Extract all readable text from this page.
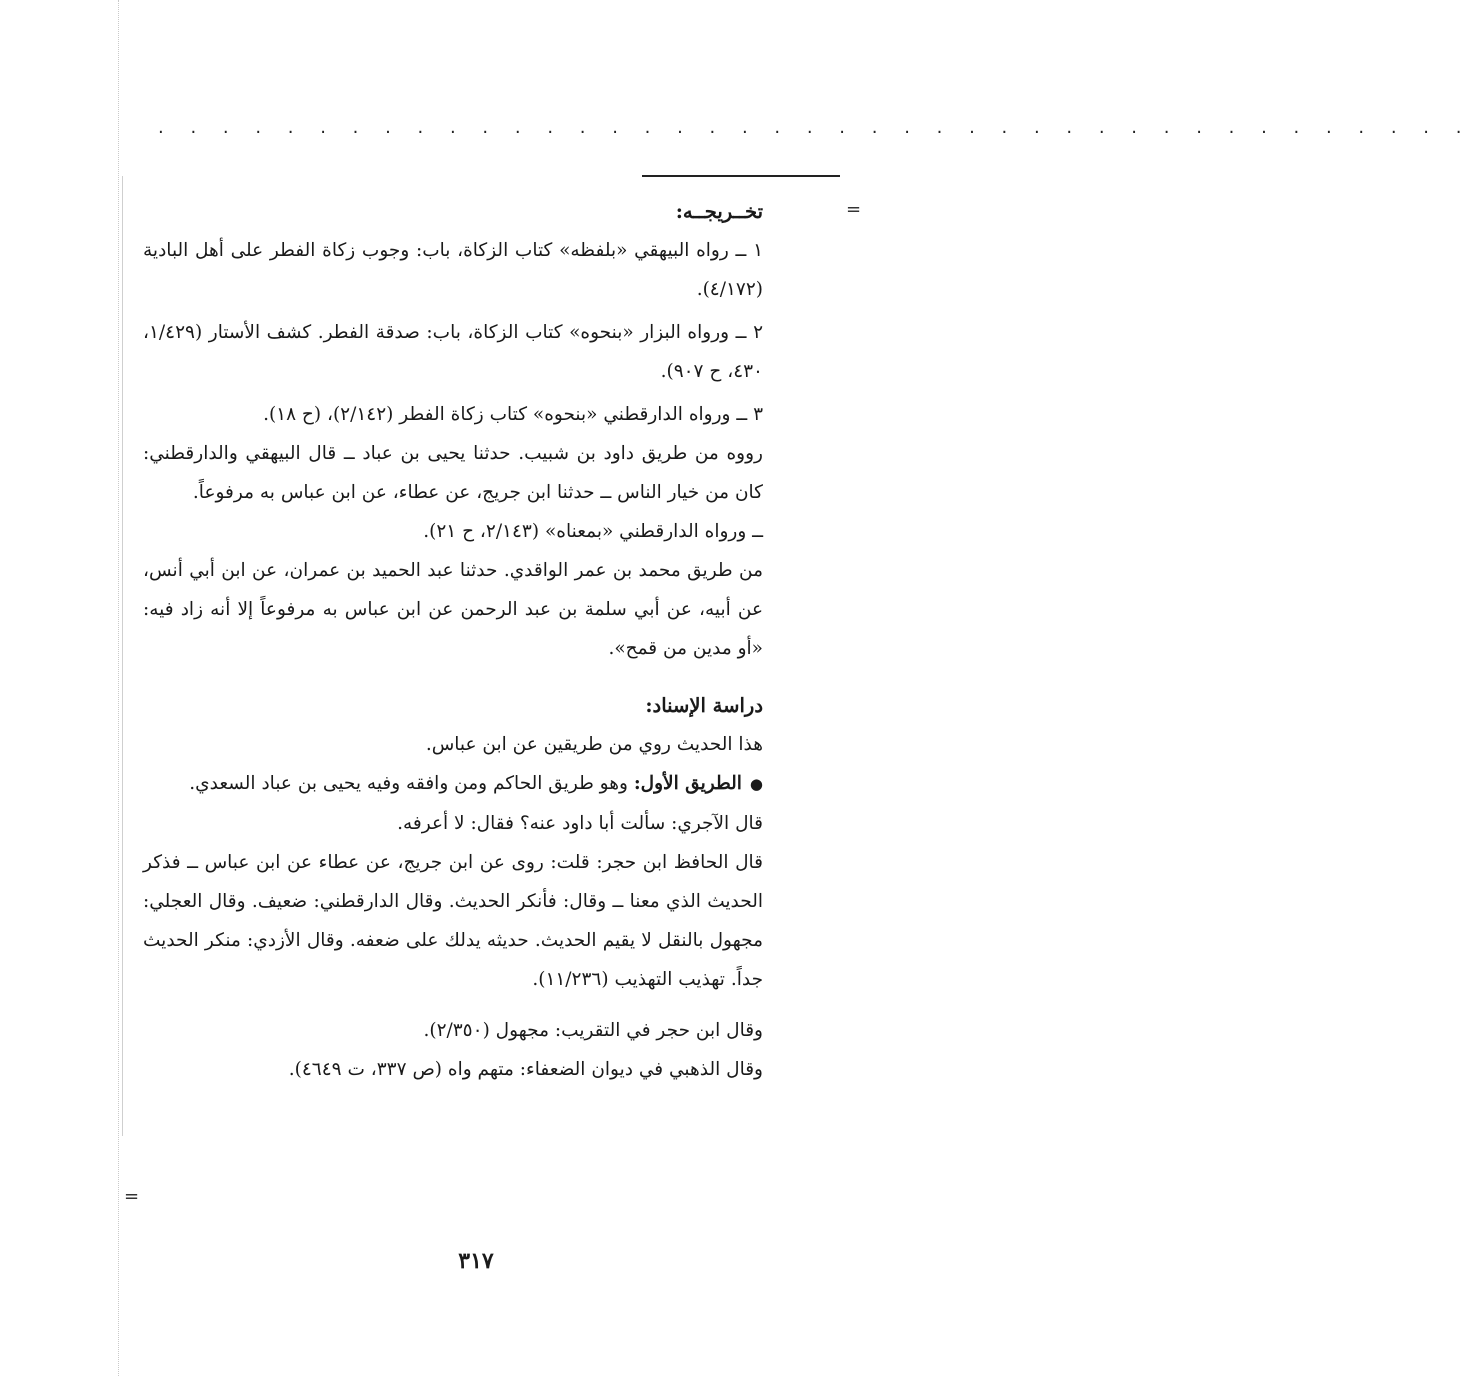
. . . . . . . . . . . . . . . . . . . . . . . . . . . . . . . . . . . . . . . . .
=
=

تخــريجــه:

١ ــ رواه البيهقي «بلفظه» كتاب الزكاة، باب: وجوب زكاة الفطر على أهل البادية (٤/١٧٢).

٢ ــ ورواه البزار «بنحوه» كتاب الزكاة، باب: صدقة الفطر. كشف الأستار (١/٤٢٩، ٤٣٠، ح ٩٠٧).

٣ ــ ورواه الدارقطني «بنحوه» كتاب زكاة الفطر (٢/١٤٢)، (ح ١٨).

رووه من طريق داود بن شبيب. حدثنا يحيى بن عباد ــ قال البيهقي والدارقطني: كان من خيار الناس ــ حدثنا ابن جريج، عن عطاء، عن ابن عباس به مرفوعاً.

ــ ورواه الدارقطني «بمعناه» (٢/١٤٣، ح ٢١).

من طريق محمد بن عمر الواقدي. حدثنا عبد الحميد بن عمران، عن ابن أبي أنس، عن أبيه، عن أبي سلمة بن عبد الرحمن عن ابن عباس به مرفوعاً إلا أنه زاد فيه: «أو مدين من قمح».

دراسة الإسناد:

هذا الحديث روي من طريقين عن ابن عباس.

●الطريق الأول: وهو طريق الحاكم ومن وافقه وفيه يحيى بن عباد السعدي.

قال الآجري: سألت أبا داود عنه؟ فقال: لا أعرفه.

قال الحافظ ابن حجر: قلت: روى عن ابن جريج، عن عطاء عن ابن عباس ــ فذكر الحديث الذي معنا ــ وقال: فأنكر الحديث. وقال الدارقطني: ضعيف. وقال العجلي: مجهول بالنقل لا يقيم الحديث. حديثه يدلك على ضعفه. وقال الأزدي: منكر الحديث جداً. تهذيب التهذيب (١١/٢٣٦).

وقال ابن حجر في التقريب: مجهول (٢/٣٥٠).

وقال الذهبي في ديوان الضعفاء: متهم واه (ص ٣٣٧، ت ٤٦٤٩).

٣١٧
